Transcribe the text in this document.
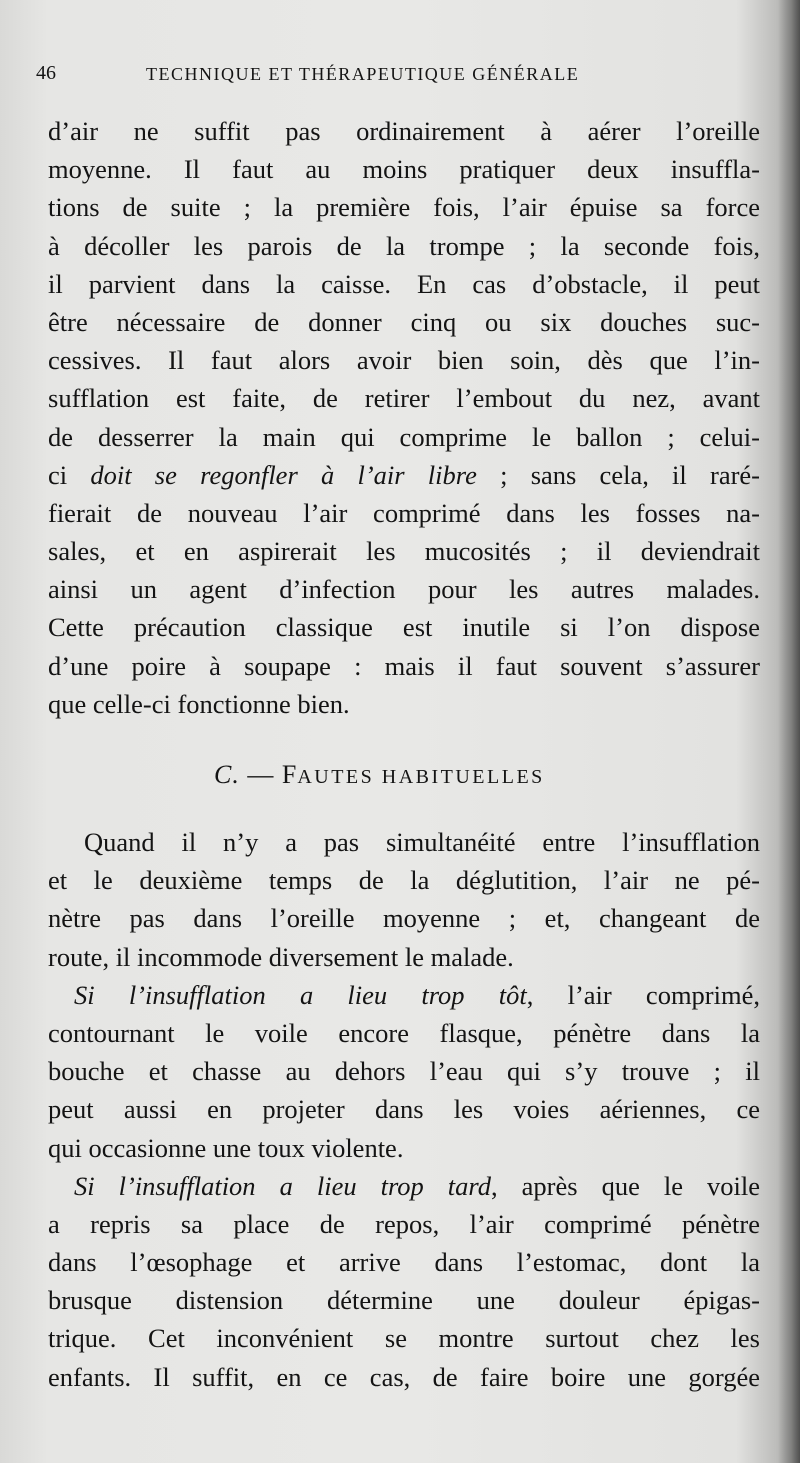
46	TECHNIQUE ET THÉRAPEUTIQUE GÉNÉRALE
d’air ne suffit pas ordinairement à aérer l’oreille
moyenne. Il faut au moins pratiquer deux insuffla-
tions de suite ; la première fois, l’air épuise sa force
à décoller les parois de la trompe ; la seconde fois,
il parvient dans la caisse. En cas d’obstacle, il peut
être nécessaire de donner cinq ou six douches suc-
cessives. Il faut alors avoir bien soin, dès que l’in-
sufflation est faite, de retirer l’embout du nez, avant
de desserrer la main qui comprime le ballon ; celui-
ci doit se regonfler à l’air libre ; sans cela, il raré-
fierait de nouveau l’air comprimé dans les fosses na-
sales, et en aspirerait les mucosités ; il deviendrait
ainsi un agent d’infection pour les autres malades.
Cette précaution classique est inutile si l’on dispose
d’une poire à soupape : mais il faut souvent s’assurer
que celle-ci fonctionne bien.
C. — FAUTES HABITUELLES
Quand il n’y a pas simultanéité entre l’insufflation
et le deuxième temps de la déglutition, l’air ne pé-
nètre pas dans l’oreille moyenne ; et, changeant de
route, il incommode diversement le malade.
Si l’insufflation a lieu trop tôt, l’air comprimé,
contournant le voile encore flasque, pénètre dans la
bouche et chasse au dehors l’eau qui s’y trouve ; il
peut aussi en projeter dans les voies aériennes, ce
qui occasionne une toux violente.
Si l’insufflation a lieu trop tard, après que le voile
a repris sa place de repos, l’air comprimé pénètre
dans l’œsophage et arrive dans l’estomac, dont la
brusque distension détermine une douleur épigas-
trique. Cet inconvénient se montre surtout chez les
enfants. Il suffit, en ce cas, de faire boire une gorgée
